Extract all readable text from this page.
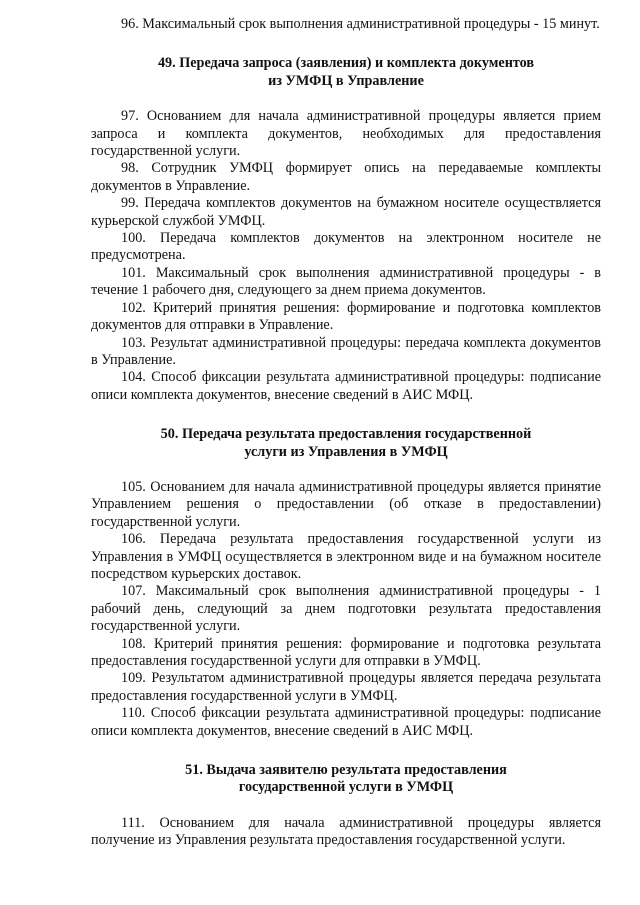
96. Максимальный срок выполнения административной процедуры - 15 минут.

49. Передача запроса (заявления) и комплекта документов
из УМФЦ в Управление

97. Основанием для начала административной процедуры является прием запроса и комплекта документов, необходимых для предоставления государственной услуги.

98. Сотрудник УМФЦ формирует опись на передаваемые комплекты документов в Управление.

99. Передача комплектов документов на бумажном носителе осуществляется курьерской службой УМФЦ.

100. Передача комплектов документов на электронном носителе не предусмотрена.

101. Максимальный срок выполнения административной процедуры - в течение 1 рабочего дня, следующего за днем приема документов.

102. Критерий принятия решения: формирование и подготовка комплектов документов для отправки в Управление.

103. Результат административной процедуры: передача комплекта документов в Управление.

104. Способ фиксации результата административной процедуры: подписание описи комплекта документов, внесение сведений в АИС МФЦ.

50. Передача результата предоставления государственной
услуги из Управления в УМФЦ

105. Основанием для начала административной процедуры является принятие Управлением решения о предоставлении (об отказе в предоставлении) государственной услуги.

106. Передача результата предоставления государственной услуги из Управления в УМФЦ осуществляется в электронном виде и на бумажном носителе посредством курьерских доставок.

107. Максимальный срок выполнения административной процедуры - 1 рабочий день, следующий за днем подготовки результата предоставления государственной услуги.

108. Критерий принятия решения: формирование и подготовка результата предоставления государственной услуги для отправки в УМФЦ.

109. Результатом административной процедуры является передача результата предоставления государственной услуги в УМФЦ.

110. Способ фиксации результата административной процедуры: подписание описи комплекта документов, внесение сведений в АИС МФЦ.

51. Выдача заявителю результата предоставления
государственной услуги в УМФЦ

111. Основанием для начала административной процедуры является получение из Управления результата предоставления государственной услуги.
